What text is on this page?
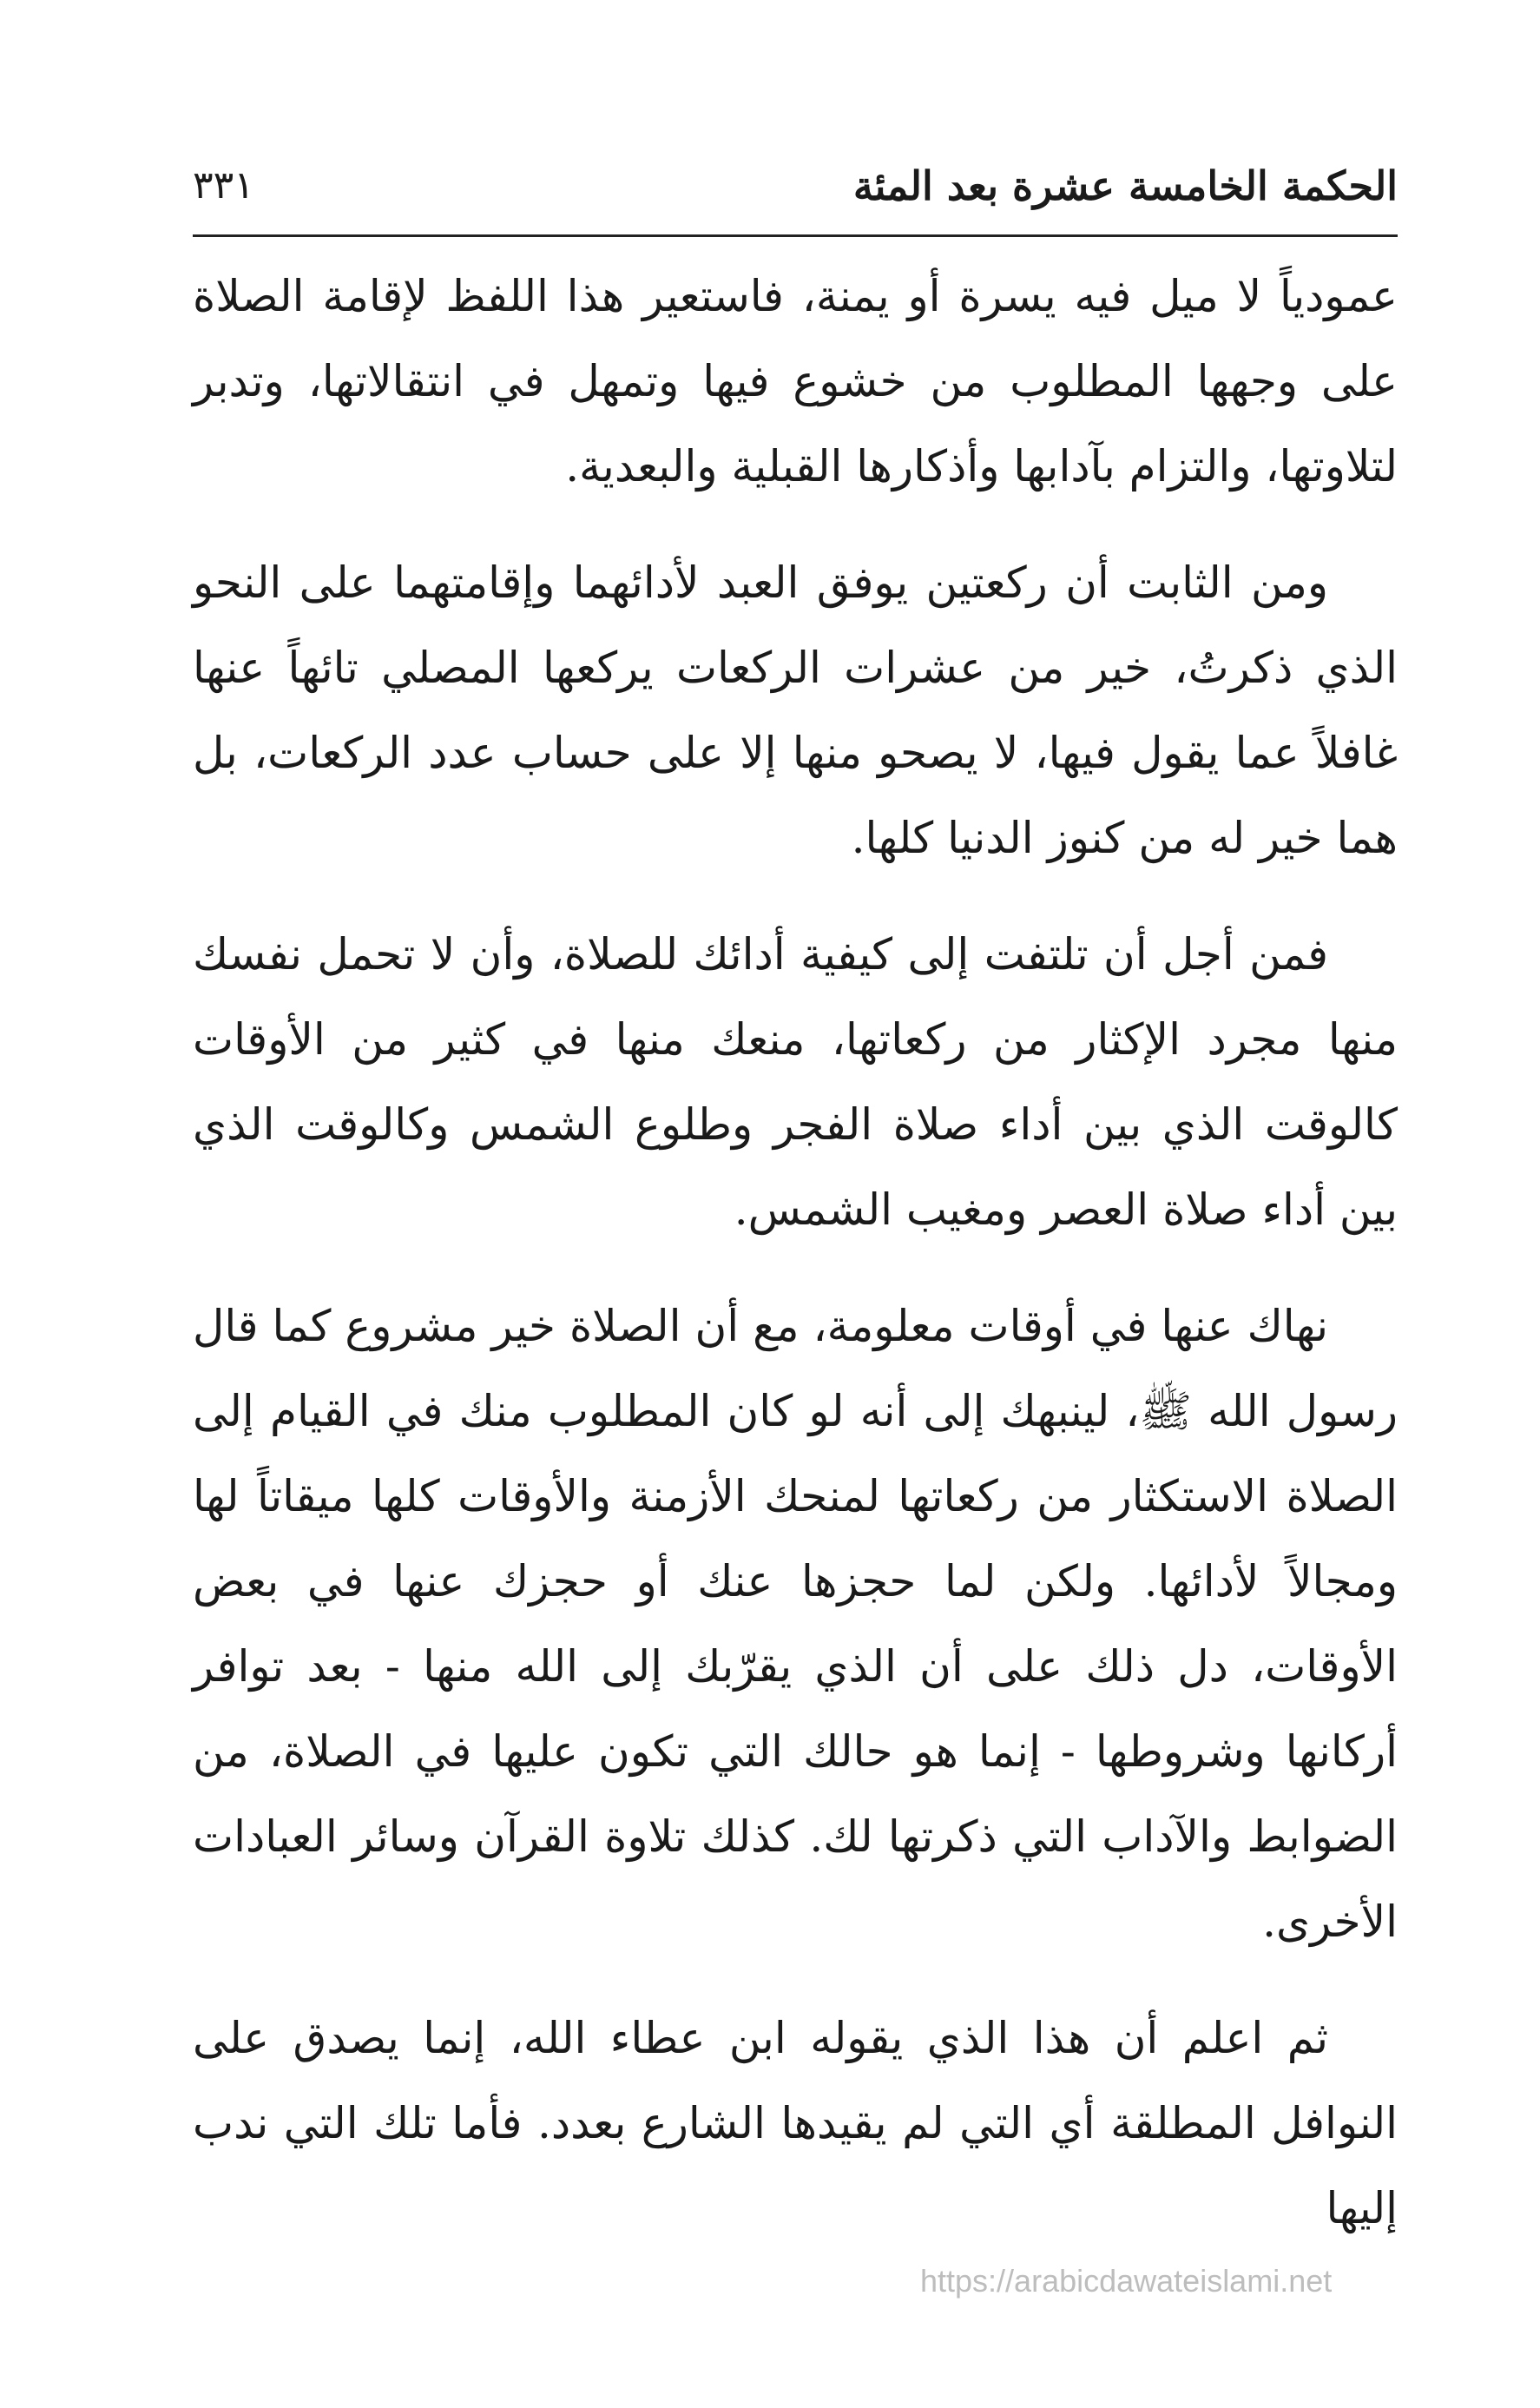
الحكمة الخامسة عشرة بعد المئة
٣٣١

عمودياً لا ميل فيه يسرة أو يمنة، فاستعير هذا اللفظ لإقامة الصلاة على وجهها المطلوب من خشوع فيها وتمهل في انتقالاتها، وتدبر لتلاوتها، والتزام بآدابها وأذكارها القبلية والبعدية.

ومن الثابت أن ركعتين يوفق العبد لأدائهما وإقامتهما على النحو الذي ذكرتُ، خير من عشرات الركعات يركعها المصلي تائهاً عنها غافلاً عما يقول فيها، لا يصحو منها إلا على حساب عدد الركعات، بل هما خير له من كنوز الدنيا كلها.

فمن أجل أن تلتفت إلى كيفية أدائك للصلاة، وأن لا تحمل نفسك منها مجرد الإكثار من ركعاتها، منعك منها في كثير من الأوقات كالوقت الذي بين أداء صلاة الفجر وطلوع الشمس وكالوقت الذي بين أداء صلاة العصر ومغيب الشمس.

نهاك عنها في أوقات معلومة، مع أن الصلاة خير مشروع كما قال رسول الله ﷺ، لينبهك إلى أنه لو كان المطلوب منك في القيام إلى الصلاة الاستكثار من ركعاتها لمنحك الأزمنة والأوقات كلها ميقاتاً لها ومجالاً لأدائها. ولكن لما حجزها عنك أو حجزك عنها في بعض الأوقات، دل ذلك على أن الذي يقرّبك إلى الله منها - بعد توافر أركانها وشروطها - إنما هو حالك التي تكون عليها في الصلاة، من الضوابط والآداب التي ذكرتها لك. كذلك تلاوة القرآن وسائر العبادات الأخرى.

ثم اعلم أن هذا الذي يقوله ابن عطاء الله، إنما يصدق على النوافل المطلقة أي التي لم يقيدها الشارع بعدد. فأما تلك التي ندب إليها

https://arabicdawateislami.net
